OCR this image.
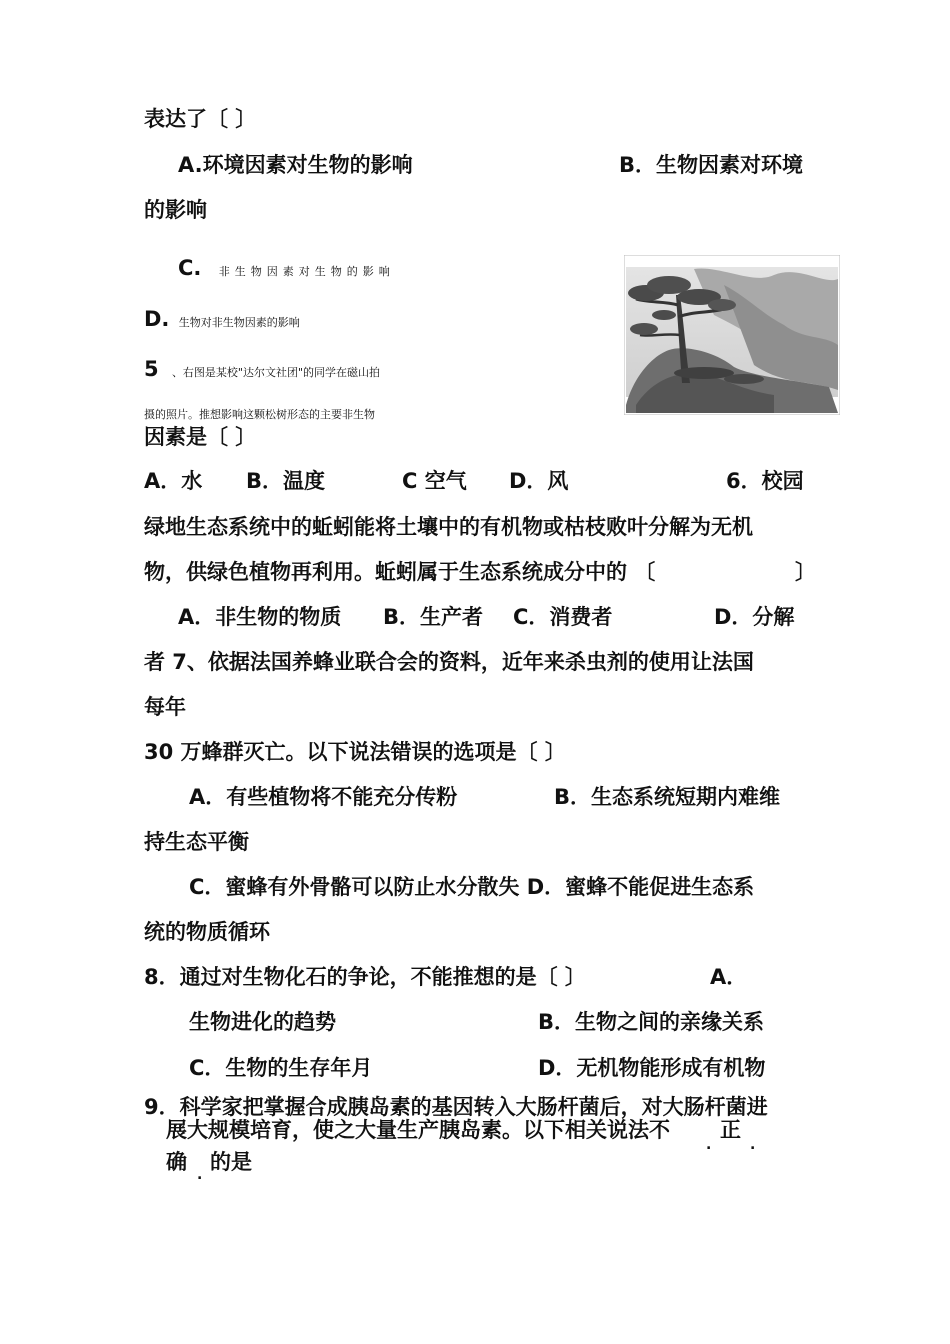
表达了〔 〕
A.环境因素对生物的影响	B．生物因素对环境
的影响
C. 非生物因素对生物的影响
D. 生物对非生物因素的影响
5 、右图是某校"达尔文社团"的同学在磁山拍
摄的照片。推想影响这颗松树形态的主要非生物
因素是〔 〕
A．水 B．温度	C 空气 D．风	6．校园
绿地生态系统中的蚯蚓能将土壤中的有机物或枯枝败叶分解为无机
物，供绿色植物再利用。蚯蚓属于生态系统成分中的 〔	〕
A．非生物的物质 B．生产者 C．消费者	D．分解
者 7、依据法国养蜂业联合会的资料，近年来杀虫剂的使用让法国
每年
30 万蜂群灭亡。以下说法错误的选项是〔 〕
A．有些植物将不能充分传粉	B．生态系统短期内难维
持生态平衡
C．蜜蜂有外骨骼可以防止水分散失 D．蜜蜂不能促进生态系
统的物质循环
8．通过对生物化石的争论，不能推想的是〔 〕	A．
生物进化的趋势	B．生物之间的亲缘关系
C．生物的生存年月	D．无机物能形成有机物
9．科学家把掌握合成胰岛素的基因转入大肠杆菌后，对大肠杆菌进
展大规模培育，使之大量生产胰岛素。以下相关说法不
.
正
.
确
.
的是
